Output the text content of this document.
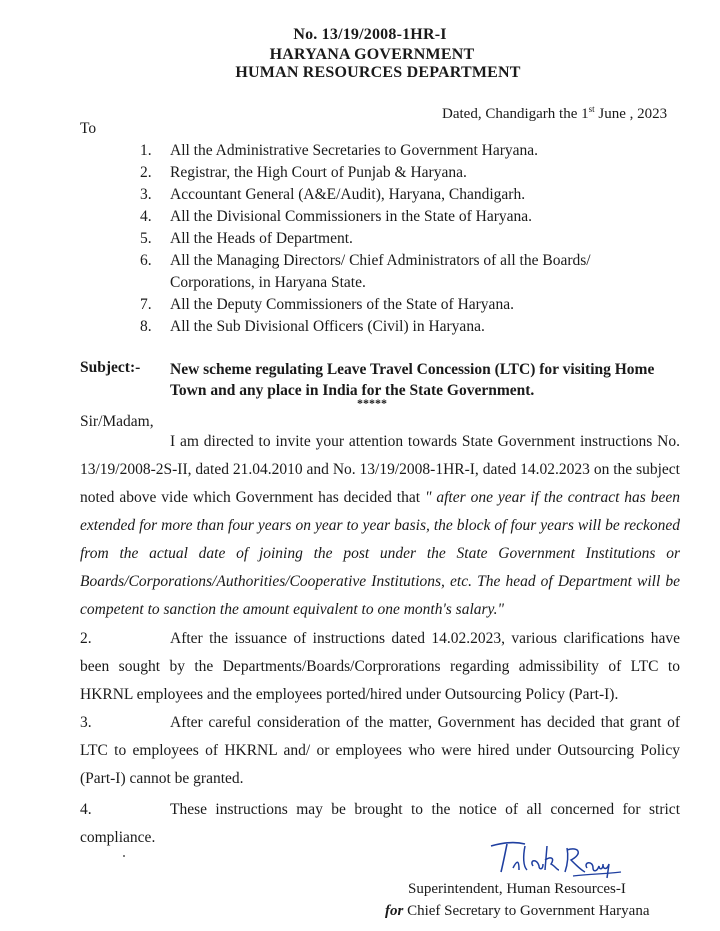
No. 13/19/2008-1HR-I
HARYANA GOVERNMENT
HUMAN RESOURCES DEPARTMENT
Dated, Chandigarh the 1st June , 2023
To
1. All the Administrative Secretaries to Government Haryana.
2. Registrar, the High Court of Punjab & Haryana.
3. Accountant General (A&E/Audit), Haryana, Chandigarh.
4. All the Divisional Commissioners in the State of Haryana.
5. All the Heads of Department.
6. All the Managing Directors/ Chief Administrators of all the Boards/ Corporations, in Haryana State.
7. All the Deputy Commissioners of the State of Haryana.
8. All the Sub Divisional Officers (Civil) in Haryana.
Subject:- New scheme regulating Leave Travel Concession (LTC) for visiting Home Town and any place in India for the State Government.
*****
Sir/Madam,

I am directed to invite your attention towards State Government instructions No. 13/19/2008-2S-II, dated 21.04.2010 and No. 13/19/2008-1HR-I, dated 14.02.2023 on the subject noted above vide which Government has decided that " after one year if the contract has been extended for more than four years on year to year basis, the block of four years will be reckoned from the actual date of joining the post under the State Government Institutions or Boards/Corporations/Authorities/Cooperative Institutions, etc. The head of Department will be competent to sanction the amount equivalent to one month's salary."

2.	After the issuance of instructions dated 14.02.2023, various clarifications have been sought by the Departments/Boards/Corprorations regarding admissibility of LTC to HKRNL employees and the employees ported/hired under Outsourcing Policy (Part-I).

3.	After careful consideration of the matter, Government has decided that grant of LTC to employees of HKRNL and/ or employees who were hired under Outsourcing Policy (Part-I) cannot be granted.

4.	These instructions may be brought to the notice of all concerned for strict compliance.

Superintendent, Human Resources-I
for Chief Secretary to Government Haryana
